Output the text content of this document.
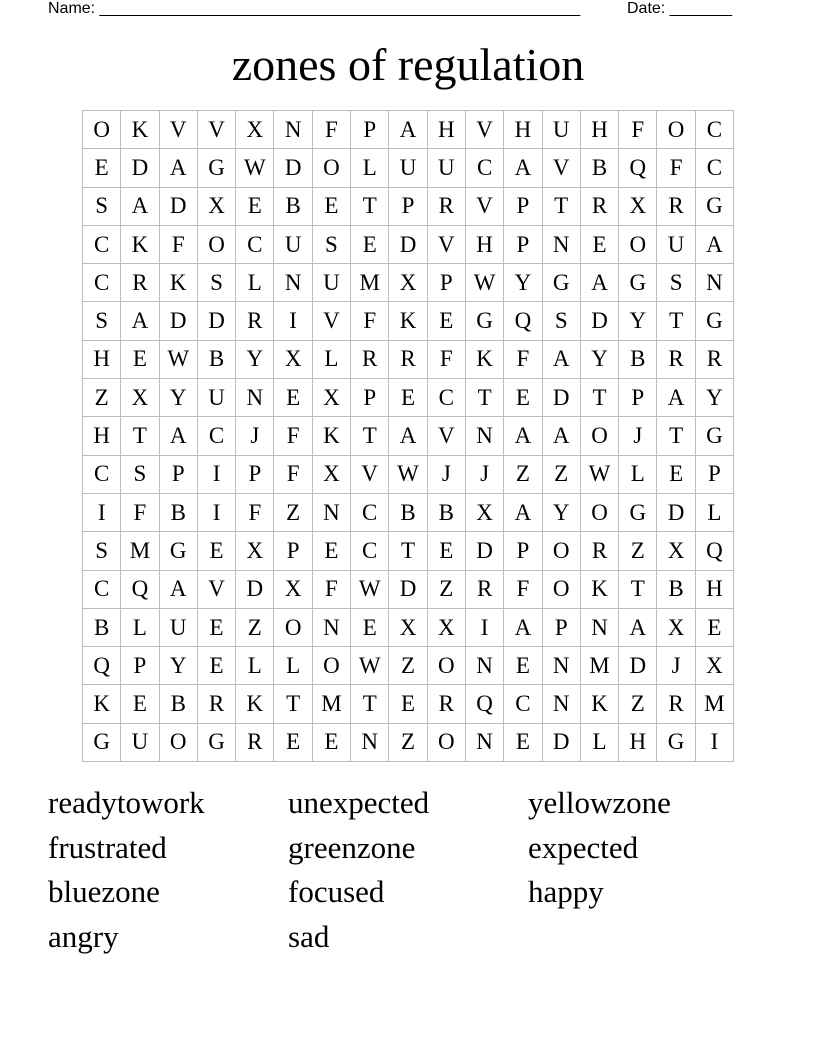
Name: ______________________________________________________	Date: _______
zones of regulation
O K V V X N	F	P	A H V H U H	F	O C
E D A G W D O L U U C A V B Q	F	C
S	A D X E	B	E	T	P	R V	P	T	R X R G
C K	F	O C U	S	E D V H	P	N E O U A
C R K	S	L N U M X	P W Y G A G	S	N
S	A D D R	I	V	F	K E G Q	S	D Y T G
H E W B Y X L	R R	F	K	F	A Y B R R
Z X Y U N E X	P	E	C	T	E D T	P	A Y
H T A C	J	F	K T A V N A A O	J	T G
C	S	P	I	P	F	X V W J	J	Z	Z W L	E	P
I	F	B	I	F	Z N C B B X A Y O G D L
S M G E X	P	E	C	T	E D	P	O R	Z X Q
C Q A V D X	F W D Z	R	F	O K T	B H
B	L U E	Z O N E X X	I	A	P	N A X E
Q	P	Y E	L	L O W Z O N E N M D	J	X
K E	B R K T M T	E	R Q C N K Z	R M
G U O G R	E	E N Z O N E D L H G	I
readytowork	unexpected	yellowzone
frustrated	greenzone	expected
bluezone	focused	happy
angry	sad
